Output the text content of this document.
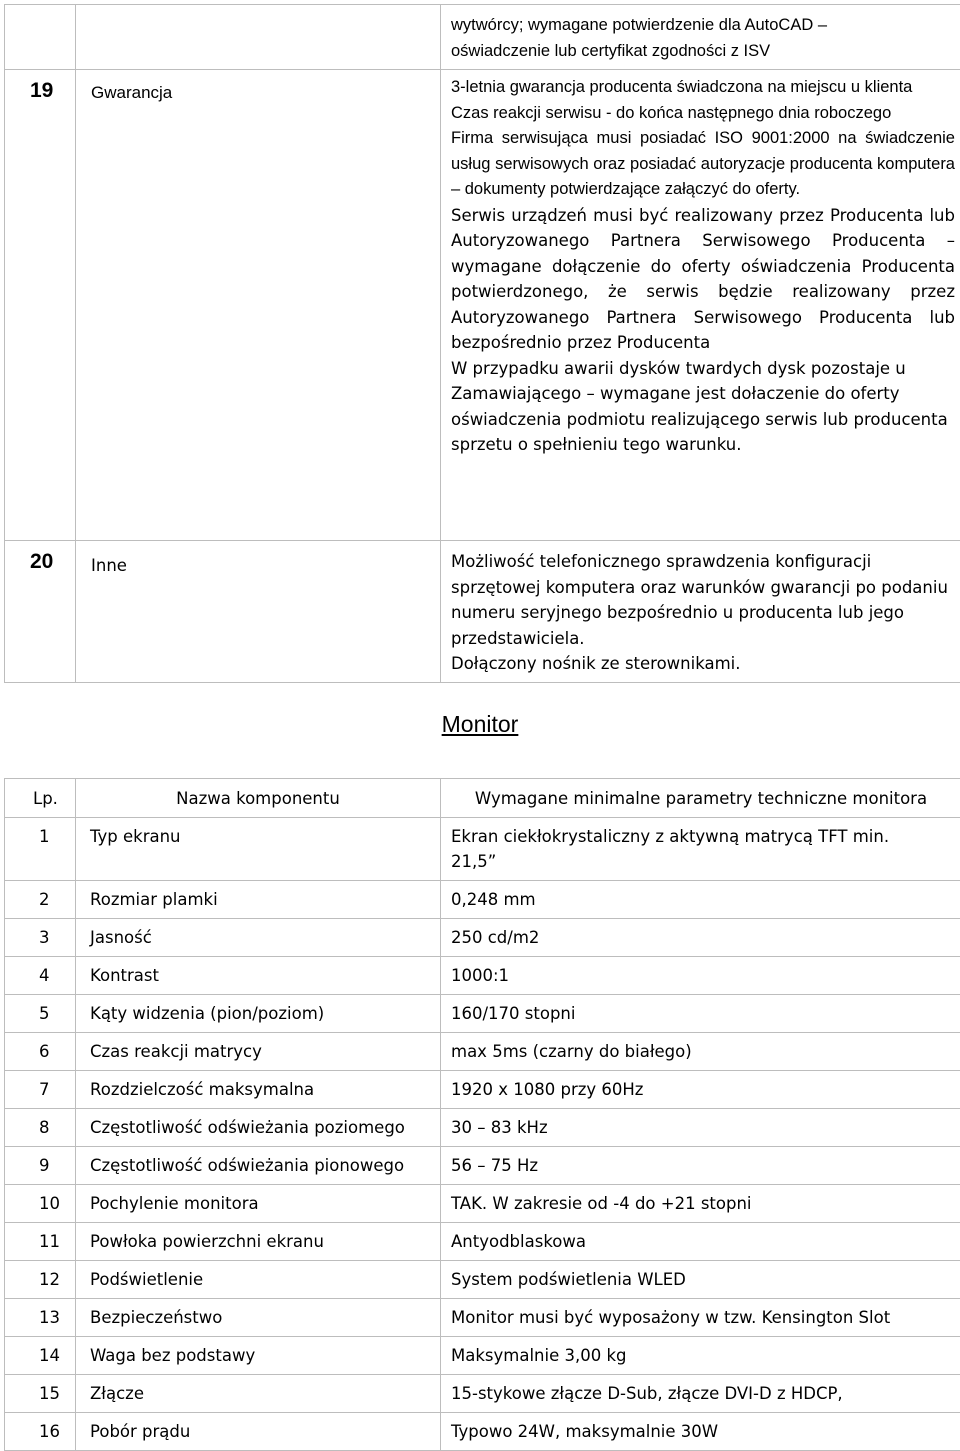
		wytwórcy; wymagane potwierdzenie dla AutoCAD –

oświadczenie lub certyfikat zgodności z ISV

19	Gwarancja	3-letnia gwarancja producenta świadczona na miejscu u klienta

Czas reakcji serwisu - do końca następnego dnia roboczego

Firma serwisująca musi posiadać ISO 9001:2000 na świadczenie usług serwisowych oraz posiadać autoryzacje producenta komputera – dokumenty potwierdzające załączyć do oferty.

Serwis urządzeń musi być realizowany przez Producenta lub Autoryzowanego Partnera Serwisowego Producenta – wymagane dołączenie do oferty oświadczenia Producenta potwierdzonego, że serwis będzie realizowany przez Autoryzowanego Partnera Serwisowego Producenta lub bezpośrednio przez Producenta

W przypadku awarii dysków twardych dysk pozostaje u Zamawiającego – wymagane jest dołaczenie do oferty oświadczenia podmiotu realizującego serwis lub producenta sprzetu o spełnieniu tego warunku.

20	Inne	Możliwość telefonicznego sprawdzenia konfiguracji sprzętowej komputera oraz warunków gwarancji po podaniu numeru seryjnego bezpośrednio u producenta lub jego przedstawiciela.

Dołączony nośnik ze sterownikami.

Monitor
Lp.	Nazwa komponentu	Wymagane minimalne parametry techniczne monitora

1	Typ ekranu	Ekran ciekłokrystaliczny z aktywną matrycą TFT min.
21,5”

2	Rozmiar plamki	0,248 mm

3	Jasność	250 cd/m2

4	Kontrast	1000:1

5	Kąty widzenia (pion/poziom)	160/170 stopni

6	Czas reakcji matrycy	max 5ms (czarny do białego)

7	Rozdzielczość maksymalna	1920 x 1080 przy 60Hz

8	Częstotliwość odświeżania poziomego	30 – 83 kHz

9	Częstotliwość odświeżania pionowego	56 – 75 Hz

10	Pochylenie monitora	TAK. W zakresie od -4 do +21 stopni

11	Powłoka powierzchni ekranu	Antyodblaskowa

12	Podświetlenie	System podświetlenia WLED

13	Bezpieczeństwo	Monitor musi być wyposażony w tzw. Kensington Slot

14	Waga bez podstawy	Maksymalnie 3,00 kg

15	Złącze	15-stykowe złącze D-Sub, złącze DVI-D z HDCP,

16	Pobór prądu	Typowo 24W, maksymalnie 30W
